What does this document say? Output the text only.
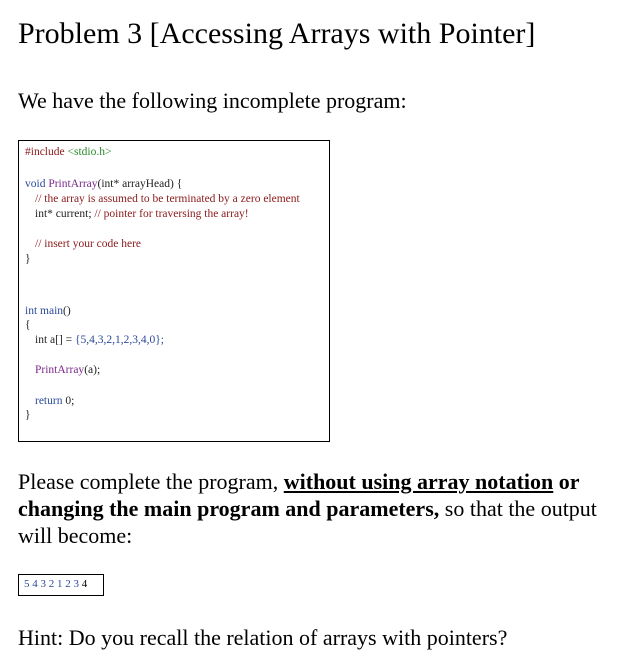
Problem 3 [Accessing Arrays with Pointer]
We have the following incomplete program:
#include <stdio.h>
void PrintArray(int* arrayHead) {
// the array is assumed to be terminated by a zero element
int* current; // pointer for traversing the array!
// insert your code here
}
int main()
{
int a[] = {5,4,3,2,1,2,3,4,0};
PrintArray(a);
return 0;
}
Please complete the program, without using array notation or changing the main program and parameters, so that the output will become:
5 4 3 2 1 2 3 4
Hint: Do you recall the relation of arrays with pointers?
